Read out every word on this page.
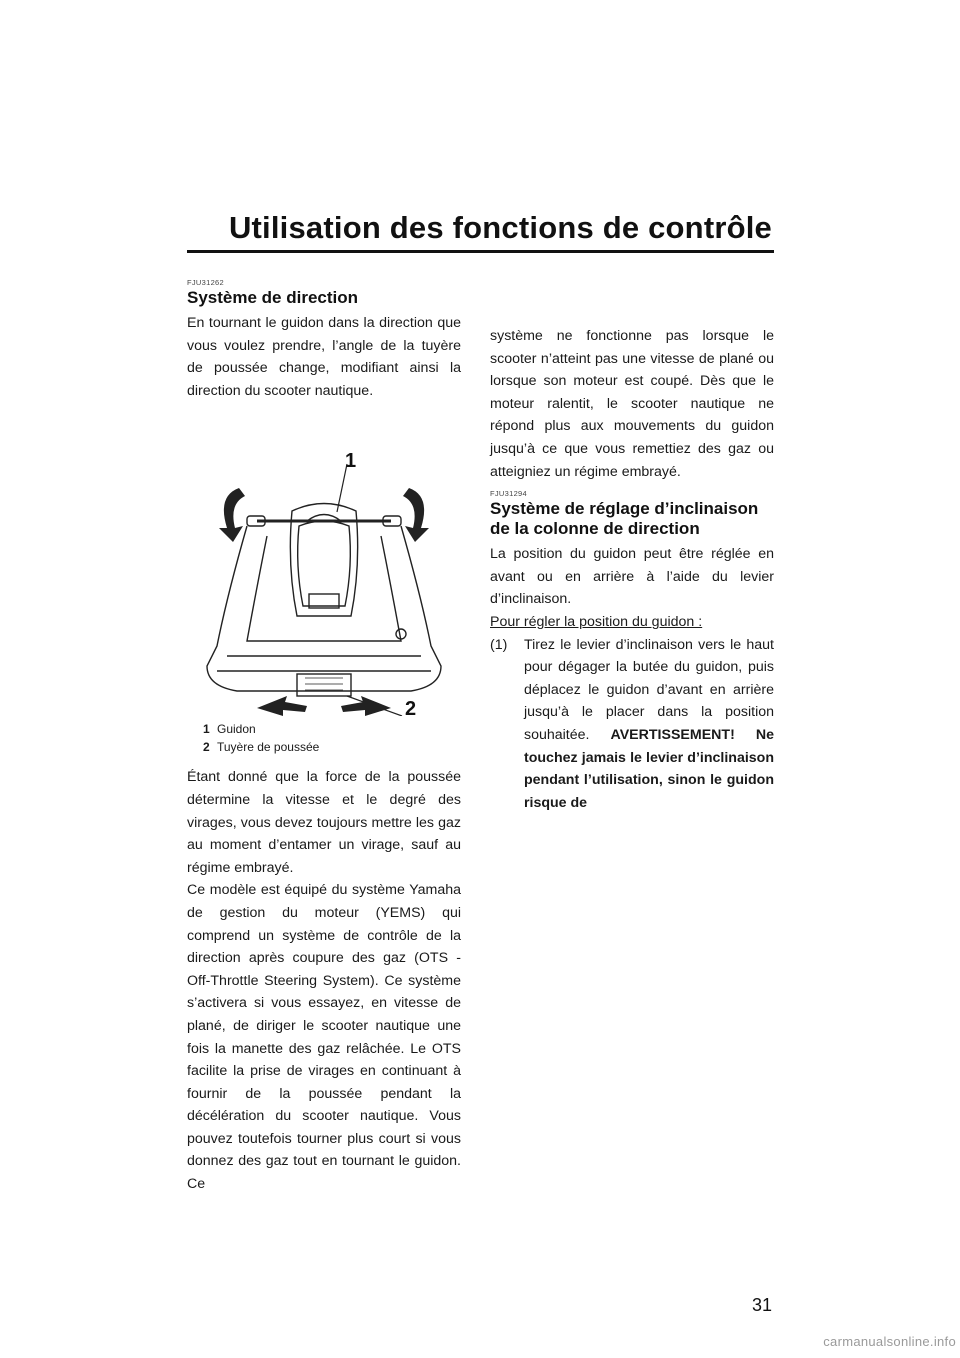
Utilisation des fonctions de contrôle
FJU31262
Système de direction

En tournant le guidon dans la direction que vous voulez prendre, l’angle de la tuyère de poussée change, modifiant ainsi la direction du scooter nautique.

1
2
1 Guidon
2 Tuyère de poussée

Étant donné que la force de la poussée détermine la vitesse et le degré des virages, vous devez toujours mettre les gaz au moment d’entamer un virage, sauf au régime embrayé.

Ce modèle est équipé du système Yamaha de gestion du moteur (YEMS) qui comprend un système de contrôle de la direction après coupure des gaz (OTS - Off-Throttle Steering System). Ce système s’activera si vous essayez, en vitesse de plané, de diriger le scooter nautique une fois la manette des gaz relâchée. Le OTS facilite la prise de virages en continuant à fournir de la poussée pendant la décélération du scooter nautique. Vous pouvez toutefois tourner plus court si vous donnez des gaz tout en tournant le guidon. Ce

système ne fonctionne pas lorsque le scooter n’atteint pas une vitesse de plané ou lorsque son moteur est coupé. Dès que le moteur ralentit, le scooter nautique ne répond plus aux mouvements du guidon jusqu’à ce que vous remettiez des gaz ou atteigniez un régime embrayé.

FJU31294
Système de réglage d’inclinaison de la colonne de direction

La position du guidon peut être réglée en avant ou en arrière à l’aide du levier d’inclinaison.

Pour régler la position du guidon :

(1)	Tirez le levier d’inclinaison vers le haut pour dégager la butée du guidon, puis déplacez le guidon d’avant en arrière jusqu’à le placer dans la position souhaitée. AVERTISSEMENT! Ne touchez jamais le levier d’inclinaison pendant l’utilisation, sinon le guidon risque de
31
carmanualsonline.info
